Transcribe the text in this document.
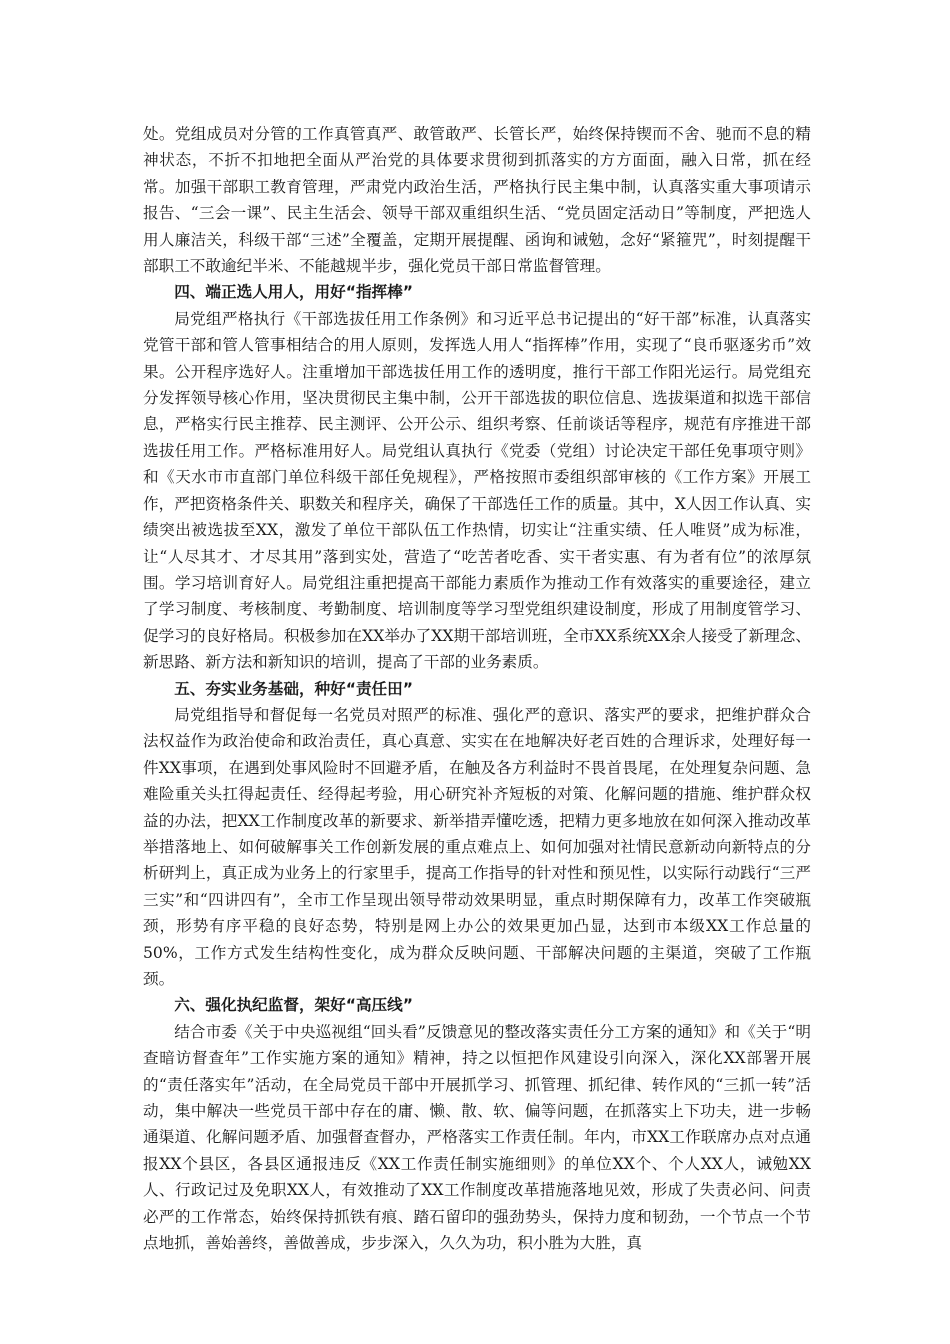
处。党组成员对分管的工作真管真严、敢管敢严、长管长严，始终保持锲而不舍、驰而不息的精神状态，不折不扣地把全面从严治党的具体要求贯彻到抓落实的方方面面，融入日常，抓在经常。加强干部职工教育管理，严肃党内政治生活，严格执行民主集中制，认真落实重大事项请示报告、“三会一课”、民主生活会、领导干部双重组织生活、“党员固定活动日”等制度，严把选人用人廉洁关，科级干部“三述”全覆盖，定期开展提醒、函询和诫勉，念好“紧箍咒”，时刻提醒干部职工不敢逾纪半米、不能越规半步，强化党员干部日常监督管理。

四、端正选人用人，用好“指挥棒”

局党组严格执行《干部选拔任用工作条例》和习近平总书记提出的“好干部”标准，认真落实党管干部和管人管事相结合的用人原则，发挥选人用人“指挥棒”作用，实现了“良币驱逐劣币”效果。公开程序选好人。注重增加干部选拔任用工作的透明度，推行干部工作阳光运行。局党组充分发挥领导核心作用，坚决贯彻民主集中制，公开干部选拔的职位信息、选拔渠道和拟选干部信息，严格实行民主推荐、民主测评、公开公示、组织考察、任前谈话等程序，规范有序推进干部选拔任用工作。严格标准用好人。局党组认真执行《党委（党组）讨论决定干部任免事项守则》和《天水市市直部门单位科级干部任免规程》，严格按照市委组织部审核的《工作方案》开展工作，严把资格条件关、职数关和程序关，确保了干部选任工作的质量。其中，X人因工作认真、实绩突出被选拔至XX，激发了单位干部队伍工作热情，切实让“注重实绩、任人唯贤”成为标准，让“人尽其才、才尽其用”落到实处，营造了“吃苦者吃香、实干者实惠、有为者有位”的浓厚氛围。学习培训育好人。局党组注重把提高干部能力素质作为推动工作有效落实的重要途径，建立了学习制度、考核制度、考勤制度、培训制度等学习型党组织建设制度，形成了用制度管学习、促学习的良好格局。积极参加在XX举办了XX期干部培训班，全市XX系统XX余人接受了新理念、新思路、新方法和新知识的培训，提高了干部的业务素质。

五、夯实业务基础，种好“责任田”

局党组指导和督促每一名党员对照严的标准、强化严的意识、落实严的要求，把维护群众合法权益作为政治使命和政治责任，真心真意、实实在在地解决好老百姓的合理诉求，处理好每一件XX事项，在遇到处事风险时不回避矛盾，在触及各方利益时不畏首畏尾，在处理复杂问题、急难险重关头扛得起责任、经得起考验，用心研究补齐短板的对策、化解问题的措施、维护群众权益的办法，把XX工作制度改革的新要求、新举措弄懂吃透，把精力更多地放在如何深入推动改革举措落地上、如何破解事关工作创新发展的重点难点上、如何加强对社情民意新动向新特点的分析研判上，真正成为业务上的行家里手，提高工作指导的针对性和预见性，以实际行动践行“三严三实”和“四讲四有”，全市工作呈现出领导带动效果明显，重点时期保障有力，改革工作突破瓶颈，形势有序平稳的良好态势，特别是网上办公的效果更加凸显，达到市本级XX工作总量的50%，工作方式发生结构性变化，成为群众反映问题、干部解决问题的主渠道，突破了工作瓶颈。

六、强化执纪监督，架好“高压线”

结合市委《关于中央巡视组“回头看”反馈意见的整改落实责任分工方案的通知》和《关于“明查暗访督查年”工作实施方案的通知》精神，持之以恒把作风建设引向深入，深化XX部署开展的“责任落实年”活动，在全局党员干部中开展抓学习、抓管理、抓纪律、转作风的“三抓一转”活动，集中解决一些党员干部中存在的庸、懒、散、软、偏等问题，在抓落实上下功夫，进一步畅通渠道、化解问题矛盾、加强督查督办，严格落实工作责任制。年内，市XX工作联席办点对点通报XX个县区，各县区通报违反《XX工作责任制实施细则》的单位XX个、个人XX人，诫勉XX人、行政记过及免职XX人，有效推动了XX工作制度改革措施落地见效，形成了失责必问、问责必严的工作常态，始终保持抓铁有痕、踏石留印的强劲势头，保持力度和韧劲，一个节点一个节点地抓，善始善终，善做善成，步步深入，久久为功，积小胜为大胜，真
